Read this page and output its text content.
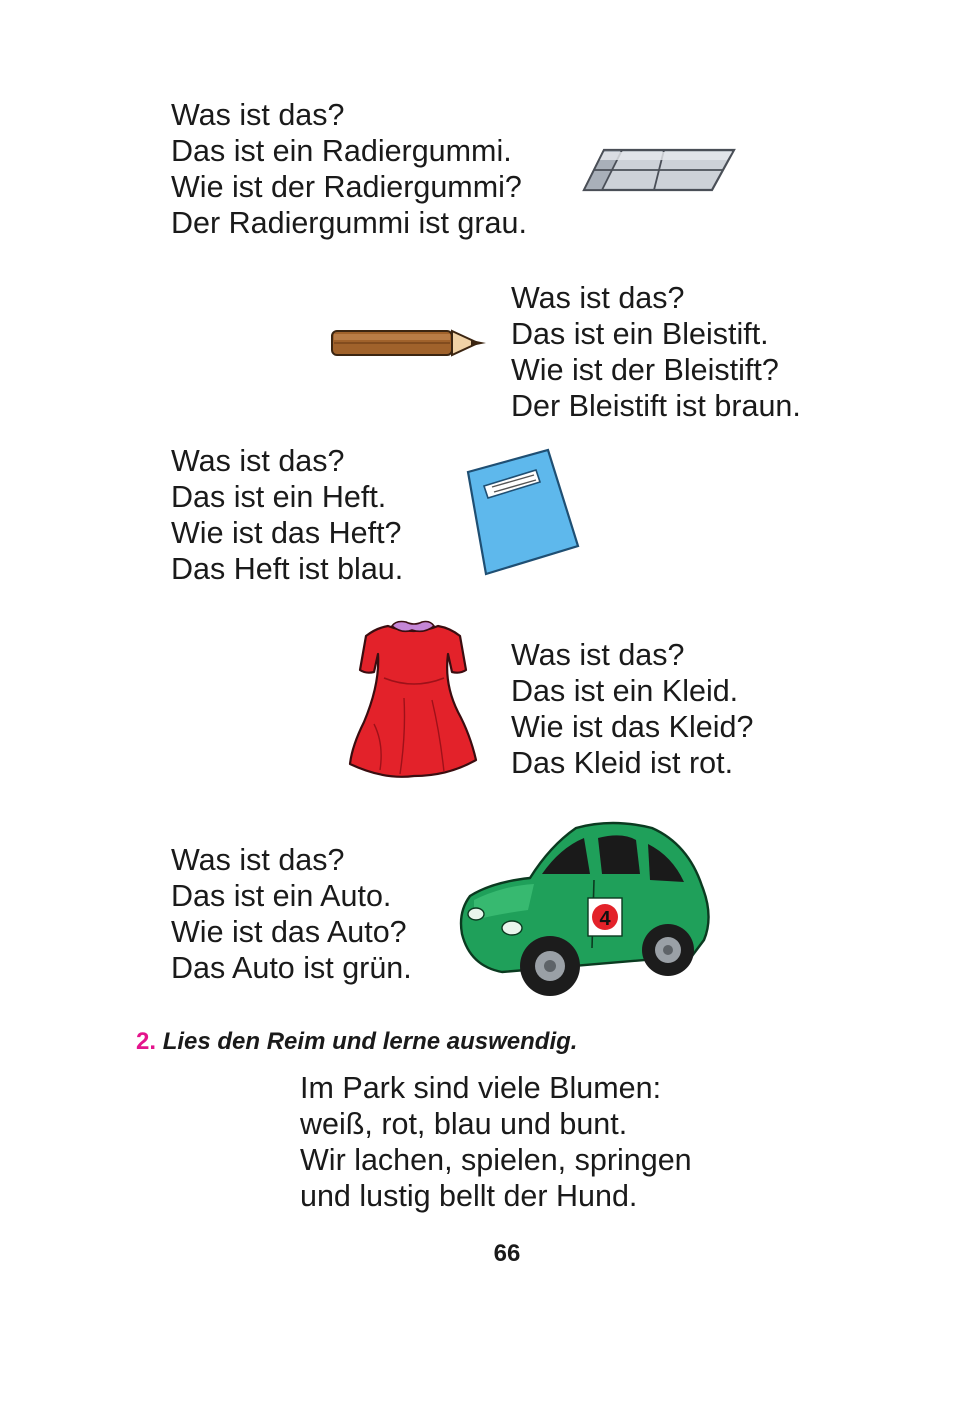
Was ist das?
Das ist ein Radiergummi.
Wie ist der Radiergummi?
Der Radiergummi ist grau.
Was ist das?
Das ist ein Bleistift.
Wie ist der Bleistift?
Der Bleistift ist braun.
Was ist das?
Das ist ein Heft.
Wie ist das Heft?
Das Heft ist blau.
Was ist das?
Das ist ein Kleid.
Wie ist das Kleid?
Das Kleid ist rot.
Was ist das?
Das ist ein Auto.
Wie ist das Auto?
Das Auto ist grün.
4
2. Lies den Reim und lerne auswendig.
Im Park sind viele Blumen:
weiß, rot, blau und bunt.
Wir lachen, spielen, springen
und lustig bellt der Hund.
66
